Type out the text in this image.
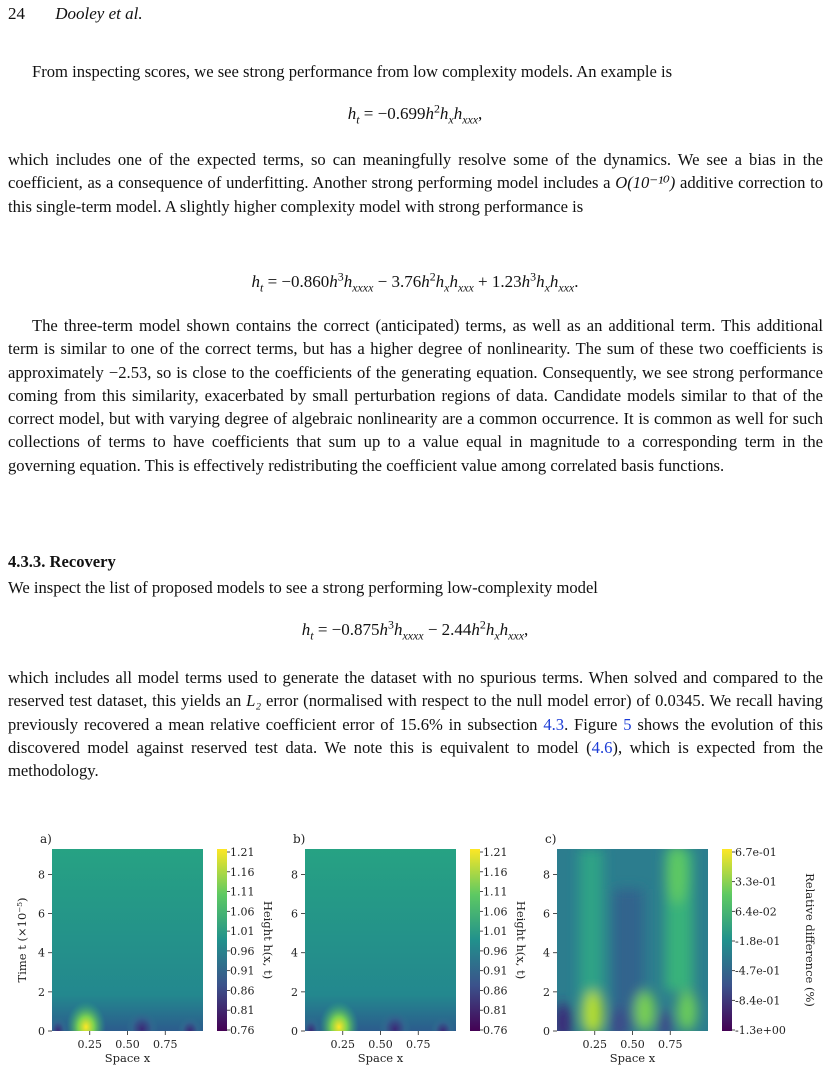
24 Dooley et al.

From inspecting scores, we see strong performance from low complexity models. An example is

$h_t = -0.699h^2h_xh_{xxx}$,

which includes one of the expected terms, so can meaningfully resolve some of the dynamics. We see a bias in the coefficient, as a consequence of underfitting. Another strong performing model includes a O(10⁻¹⁰) additive correction to this single-term model. A slightly higher complexity model with strong performance is

$h_t = -0.860h^3h_{xxxx} - 3.76h^2h_xh_{xxx} + 1.23h^3h_xh_{xxx}$.

The three-term model shown contains the correct (anticipated) terms, as well as an additional term. This additional term is similar to one of the correct terms, but has a higher degree of nonlinearity. The sum of these two coefficients is approximately −2.53, so is close to the coefficients of the generating equation. Consequently, we see strong performance coming from this similarity, exacerbated by small perturbation regions of data. Candidate models similar to that of the correct model, but with varying degree of algebraic nonlinearity are a common occurrence. It is common as well for such collections of terms to have coefficients that sum up to a value equal in magnitude to a corresponding term in the governing equation. This is effectively redistributing the coefficient value among correlated basis functions.

4.3.3. Recovery

We inspect the list of proposed models to see a strong performing low-complexity model

$h_t = -0.875h^3h_{xxxx} - 2.44h^2h_xh_{xxx}$,

which includes all model terms used to generate the dataset with no spurious terms. When solved and compared to the reserved test dataset, this yields an L₂ error (normalised with respect to the null model error) of 0.0345. We recall having previously recovered a mean relative coefficient error of 15.6% in subsection 4.3. Figure 5 shows the evolution of this discovered model against reserved test data. We note this is equivalent to model (4.6), which is expected from the methodology.

a)
0
2
4
6
8
0.25 0.50 0.75
Space x
Time t (×10⁻⁵)
1.21
1.16
1.11
1.06
1.01
0.96
0.91
0.86
0.81
0.76
Height h(x, t)
b)
0
2
4
6
8
0.25 0.50 0.75
Space x
1.21
1.16
1.11
1.06
1.01
0.96
0.91
0.86
0.81
0.76
Height h(x, t)
c)
0
2
4
6
8
0.25 0.50 0.75
Space x
6.7e-01
3.3e-01
6.4e-02
-1.8e-01
-4.7e-01
-8.4e-01
-1.3e+00
Relative difference (%)
